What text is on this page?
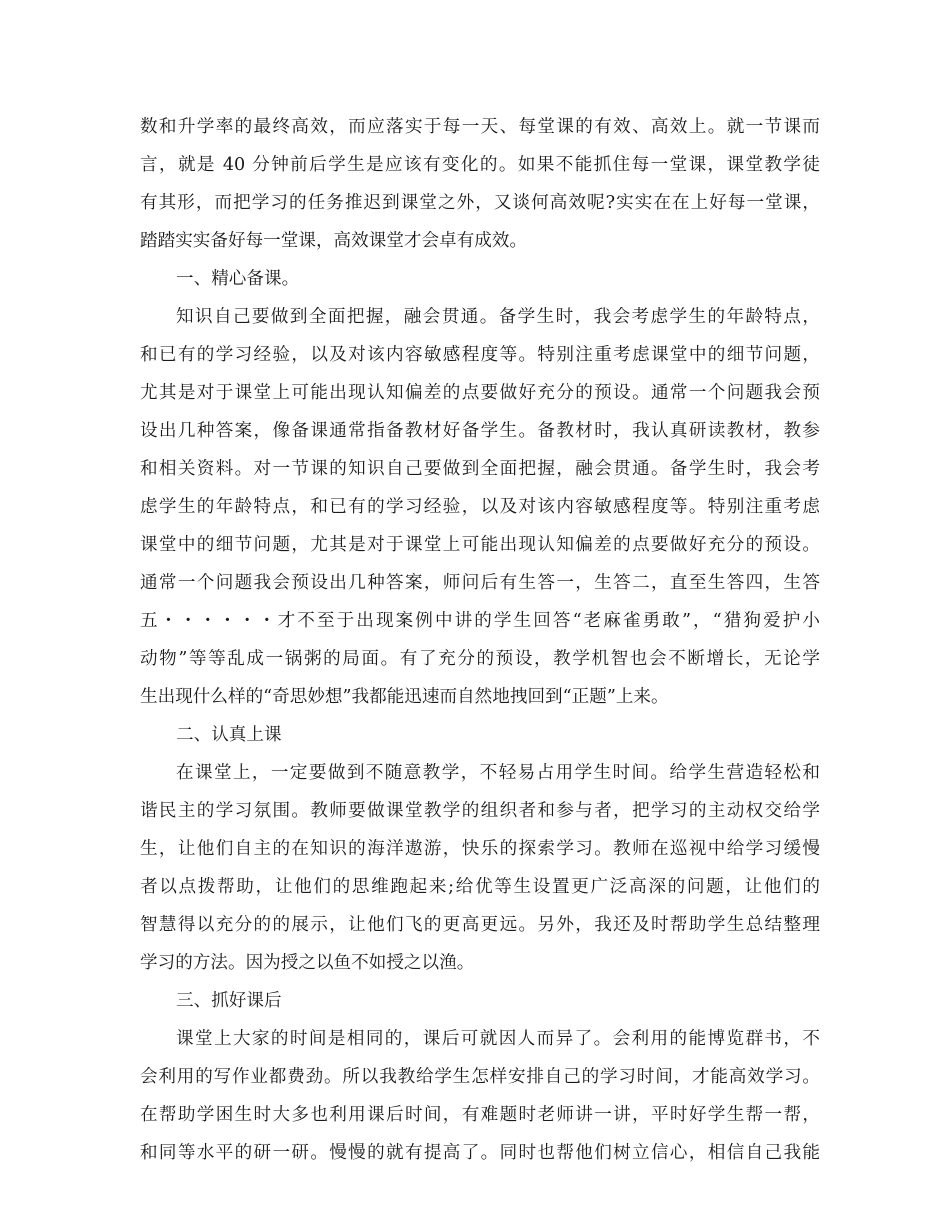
数和升学率的最终高效，而应落实于每一天、每堂课的有效、高效上。就一节课而
言，就是 40 分钟前后学生是应该有变化的。如果不能抓住每一堂课，课堂教学徒
有其形，而把学习的任务推迟到课堂之外，又谈何高效呢?实实在在上好每一堂课，
踏踏实实备好每一堂课，高效课堂才会卓有成效。
一、精心备课。
知识自己要做到全面把握，融会贯通。备学生时，我会考虑学生的年龄特点，
和已有的学习经验，以及对该内容敏感程度等。特别注重考虑课堂中的细节问题，
尤其是对于课堂上可能出现认知偏差的点要做好充分的预设。通常一个问题我会预
设出几种答案，像备课通常指备教材好备学生。备教材时，我认真研读教材，教参
和相关资料。对一节课的知识自己要做到全面把握，融会贯通。备学生时，我会考
虑学生的年龄特点，和已有的学习经验，以及对该内容敏感程度等。特别注重考虑
课堂中的细节问题，尤其是对于课堂上可能出现认知偏差的点要做好充分的预设。
通常一个问题我会预设出几种答案，师问后有生答一，生答二，直至生答四，生答
五・・・・・・才不至于出现案例中讲的学生回答“老麻雀勇敢”，“猎狗爱护小
动物”等等乱成一锅粥的局面。有了充分的预设，教学机智也会不断增长，无论学
生出现什么样的“奇思妙想”我都能迅速而自然地拽回到“正题”上来。
二、认真上课
在课堂上，一定要做到不随意教学，不轻易占用学生时间。给学生营造轻松和
谐民主的学习氛围。教师要做课堂教学的组织者和参与者，把学习的主动权交给学
生，让他们自主的在知识的海洋遨游，快乐的探索学习。教师在巡视中给学习缓慢
者以点拨帮助，让他们的思维跑起来;给优等生设置更广泛高深的问题，让他们的
智慧得以充分的的展示，让他们飞的更高更远。另外，我还及时帮助学生总结整理
学习的方法。因为授之以鱼不如授之以渔。
三、抓好课后
课堂上大家的时间是相同的，课后可就因人而异了。会利用的能博览群书，不
会利用的写作业都费劲。所以我教给学生怎样安排自己的学习时间，才能高效学习。
在帮助学困生时大多也利用课后时间，有难题时老师讲一讲，平时好学生帮一帮，
和同等水平的研一研。慢慢的就有提高了。同时也帮他们树立信心，相信自己我能
